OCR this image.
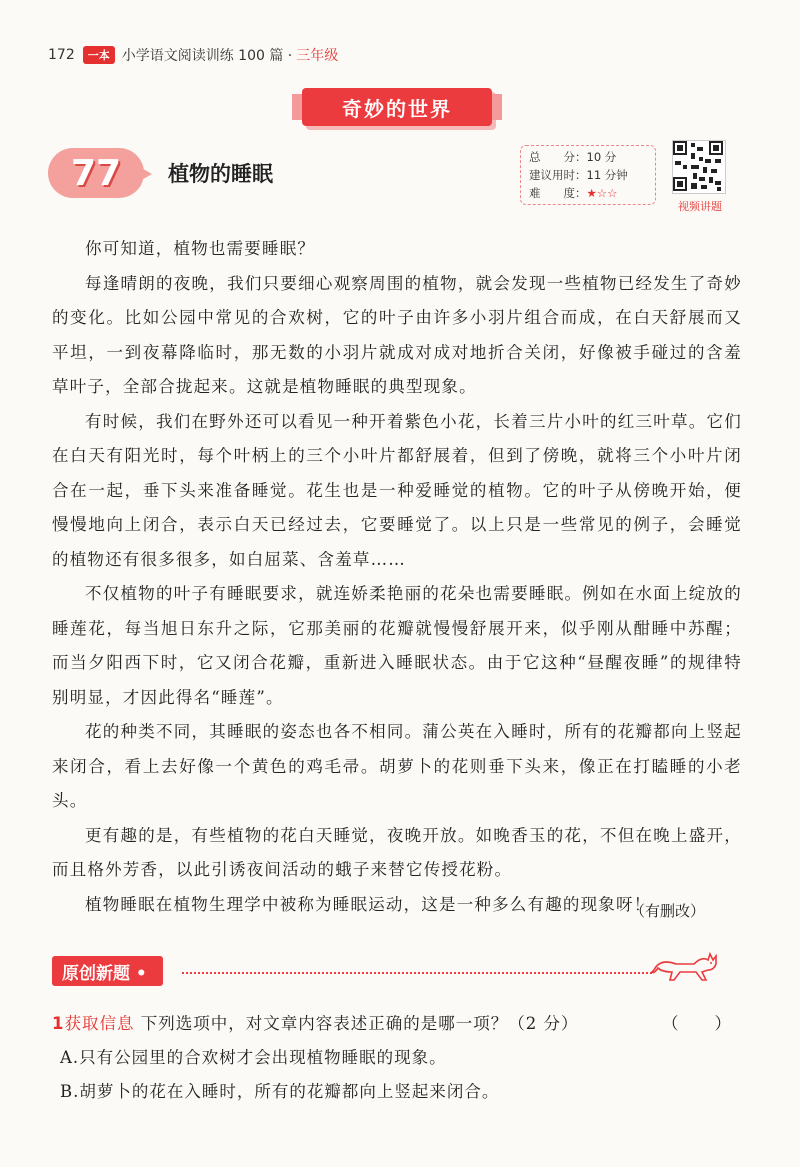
172	一本 小学语文阅读训练 100 篇 · 三年级
奇妙的世界
77	植物的睡眠
总　　分：10 分
建议用时：11 分钟
难　　度：★☆☆
视频讲题

你可知道，植物也需要睡眠？

每逢晴朗的夜晚，我们只要细心观察周围的植物，就会发现一些植物已经发生了奇妙的变化。比如公园中常见的合欢树，它的叶子由许多小羽片组合而成，在白天舒展而又平坦，一到夜幕降临时，那无数的小羽片就成对成对地折合关闭，好像被手碰过的含羞草叶子，全部合拢起来。这就是植物睡眠的典型现象。

有时候，我们在野外还可以看见一种开着紫色小花，长着三片小叶的红三叶草。它们在白天有阳光时，每个叶柄上的三个小叶片都舒展着，但到了傍晚，就将三个小叶片闭合在一起，垂下头来准备睡觉。花生也是一种爱睡觉的植物。它的叶子从傍晚开始，便慢慢地向上闭合，表示白天已经过去，它要睡觉了。以上只是一些常见的例子，会睡觉的植物还有很多很多，如白屈菜、含羞草……

不仅植物的叶子有睡眠要求，就连娇柔艳丽的花朵也需要睡眠。例如在水面上绽放的睡莲花，每当旭日东升之际，它那美丽的花瓣就慢慢舒展开来，似乎刚从酣睡中苏醒；而当夕阳西下时，它又闭合花瓣，重新进入睡眠状态。由于它这种“昼醒夜睡”的规律特别明显，才因此得名“睡莲”。

花的种类不同，其睡眠的姿态也各不相同。蒲公英在入睡时，所有的花瓣都向上竖起来闭合，看上去好像一个黄色的鸡毛帚。胡萝卜的花则垂下头来，像正在打瞌睡的小老头。

更有趣的是，有些植物的花白天睡觉，夜晚开放。如晚香玉的花，不但在晚上盛开，而且格外芳香，以此引诱夜间活动的蛾子来替它传授花粉。

植物睡眠在植物生理学中被称为睡眠运动，这是一种多么有趣的现象呀！

（有删改）
原创新题 •
1获取信息 下列选项中，对文章内容表述正确的是哪一项？（2 分）	（　　）
A.只有公园里的合欢树才会出现植物睡眠的现象。
B.胡萝卜的花在入睡时，所有的花瓣都向上竖起来闭合。
